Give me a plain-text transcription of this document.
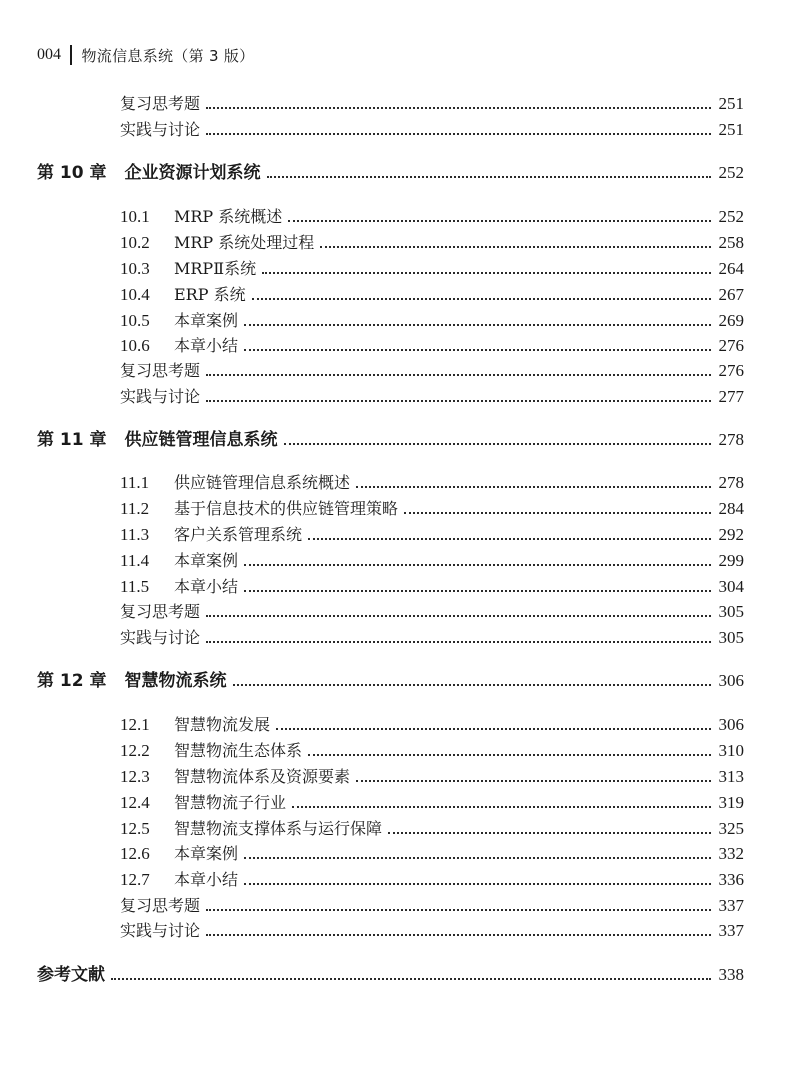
004 物流信息系统（第 3 版）
复习思考题	251
实践与讨论	251
第 10 章 企业资源计划系统	252
10.1	MRP 系统概述	252
10.2	MRP 系统处理过程	258
10.3	MRPⅡ系统	264
10.4	ERP 系统	267
10.5	本章案例	269
10.6	本章小结	276
复习思考题	276
实践与讨论	277
第 11 章 供应链管理信息系统	278
11.1	供应链管理信息系统概述	278
11.2	基于信息技术的供应链管理策略	284
11.3	客户关系管理系统	292
11.4	本章案例	299
11.5	本章小结	304
复习思考题	305
实践与讨论	305
第 12 章 智慧物流系统	306
12.1	智慧物流发展	306
12.2	智慧物流生态体系	310
12.3	智慧物流体系及资源要素	313
12.4	智慧物流子行业	319
12.5	智慧物流支撑体系与运行保障	325
12.6	本章案例	332
12.7	本章小结	336
复习思考题	337
实践与讨论	337
参考文献	338
